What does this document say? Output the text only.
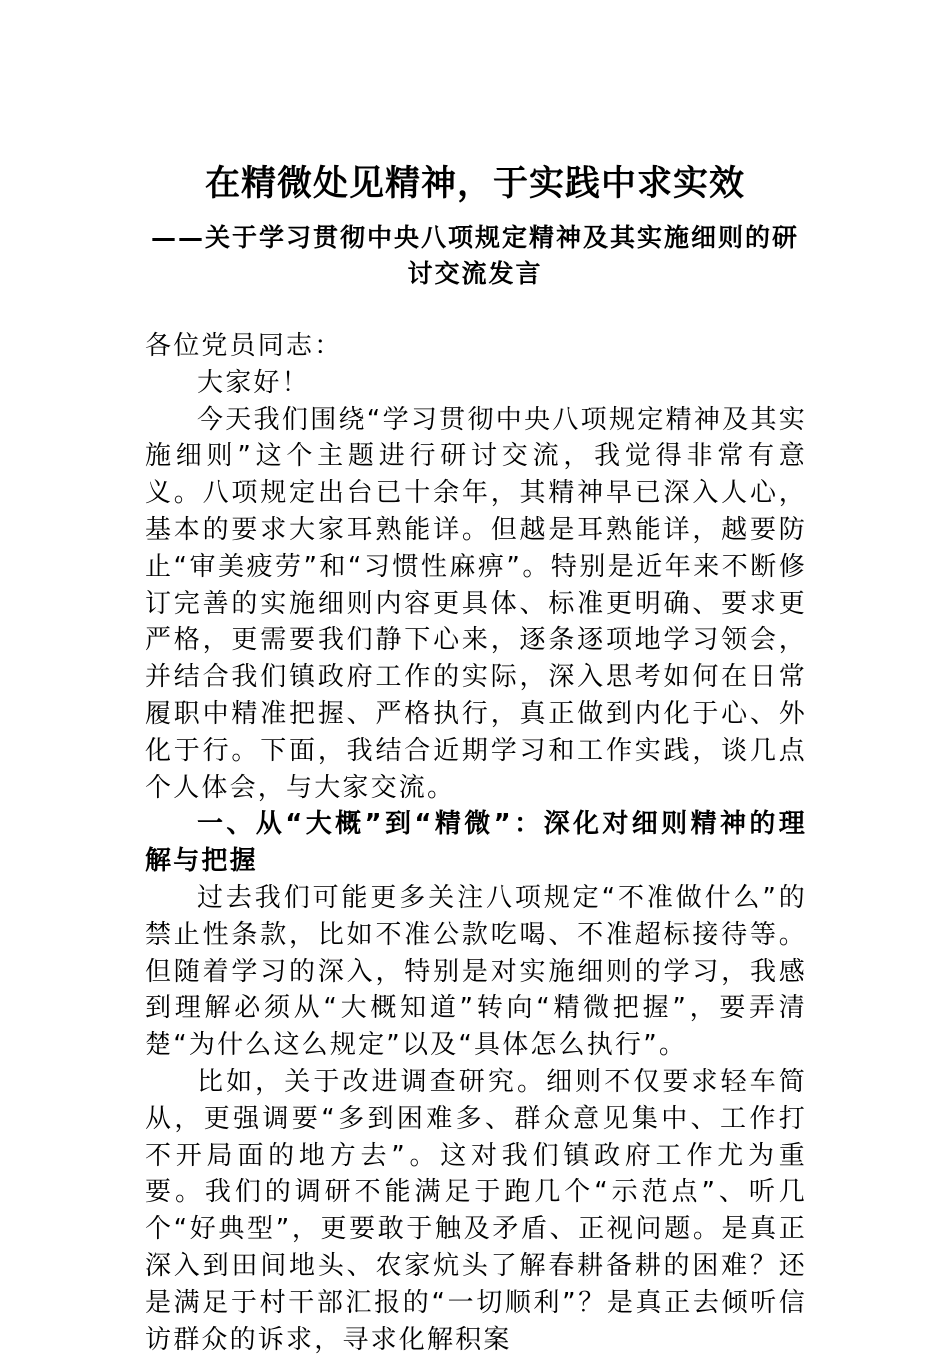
在精微处见精神，于实践中求实效
——关于学习贯彻中央八项规定精神及其实施细则的研讨交流发言

各位党员同志：

大家好！

今天我们围绕“学习贯彻中央八项规定精神及其实施细则”这个主题进行研讨交流，我觉得非常有意义。八项规定出台已十余年，其精神早已深入人心，基本的要求大家耳熟能详。但越是耳熟能详，越要防止“审美疲劳”和“习惯性麻痹”。特别是近年来不断修订完善的实施细则内容更具体、标准更明确、要求更严格，更需要我们静下心来，逐条逐项地学习领会，并结合我们镇政府工作的实际，深入思考如何在日常履职中精准把握、严格执行，真正做到内化于心、外化于行。下面，我结合近期学习和工作实践，谈几点个人体会，与大家交流。

一、从“大概”到“精微”：深化对细则精神的理解与把握

过去我们可能更多关注八项规定“不准做什么”的禁止性条款，比如不准公款吃喝、不准超标接待等。但随着学习的深入，特别是对实施细则的学习，我感到理解必须从“大概知道”转向“精微把握”，要弄清楚“为什么这么规定”以及“具体怎么执行”。

比如，关于改进调查研究。细则不仅要求轻车简从，更强调要“多到困难多、群众意见集中、工作打不开局面的地方去”。这对我们镇政府工作尤为重要。我们的调研不能满足于跑几个“示范点”、听几个“好典型”，更要敢于触及矛盾、正视问题。是真正深入到田间地头、农家炕头了解春耕备耕的困难？还是满足于村干部汇报的“一切顺利”？是真正去倾听信访群众的诉求，寻求化解积案
